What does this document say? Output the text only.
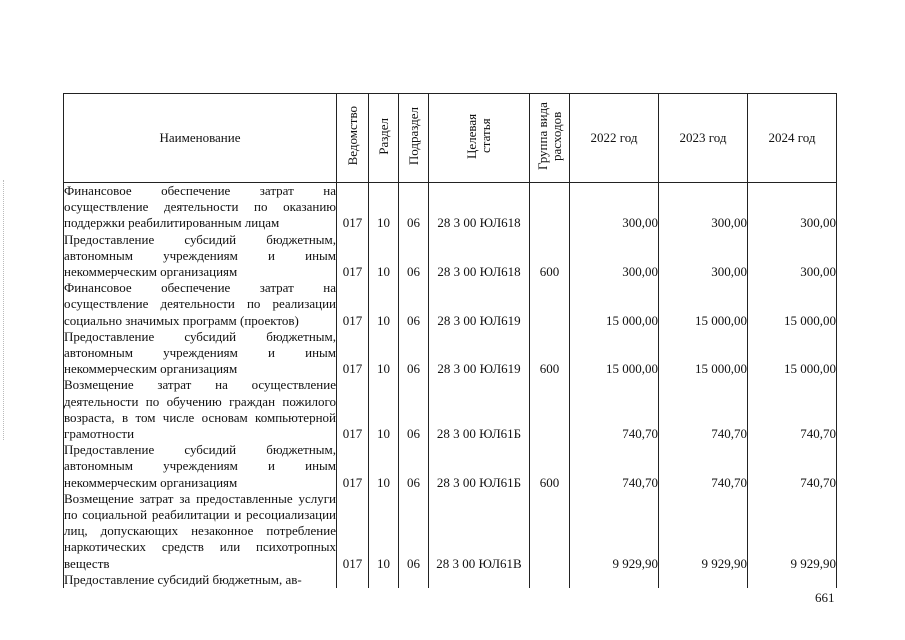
Наименование	Ведомство	Раздел	Подраздел	Целевая статья	Группа вида расходов	2022 год	2023 год	2024 год
Финансовое обеспечение затрат на осуществление деятельности по оказанию поддержки реабилитированным лицам	017	10	06	28 3 00 ЮЛ618		300,00	300,00	300,00
Предоставление субсидий бюджетным, автономным учреждениям и иным некоммерческим организациям	017	10	06	28 3 00 ЮЛ618	600	300,00	300,00	300,00
Финансовое обеспечение затрат на осуществление деятельности по реализации социально значимых программ (проектов)	017	10	06	28 3 00 ЮЛ619		15 000,00	15 000,00	15 000,00
Предоставление субсидий бюджетным, автономным учреждениям и иным некоммерческим организациям	017	10	06	28 3 00 ЮЛ619	600	15 000,00	15 000,00	15 000,00
Возмещение затрат на осуществление деятельности по обучению граждан пожилого возраста, в том числе основам компьютерной грамотности	017	10	06	28 3 00 ЮЛ61Б		740,70	740,70	740,70
Предоставление субсидий бюджетным, автономным учреждениям и иным некоммерческим организациям	017	10	06	28 3 00 ЮЛ61Б	600	740,70	740,70	740,70
Возмещение затрат за предоставленные услуги по социальной реабилитации и ресоциализации лиц, допускающих незаконное потребление наркотических средств или психотропных веществ	017	10	06	28 3 00 ЮЛ61В		9 929,90	9 929,90	9 929,90
Предоставление субсидий бюджетным, ав-								
661
